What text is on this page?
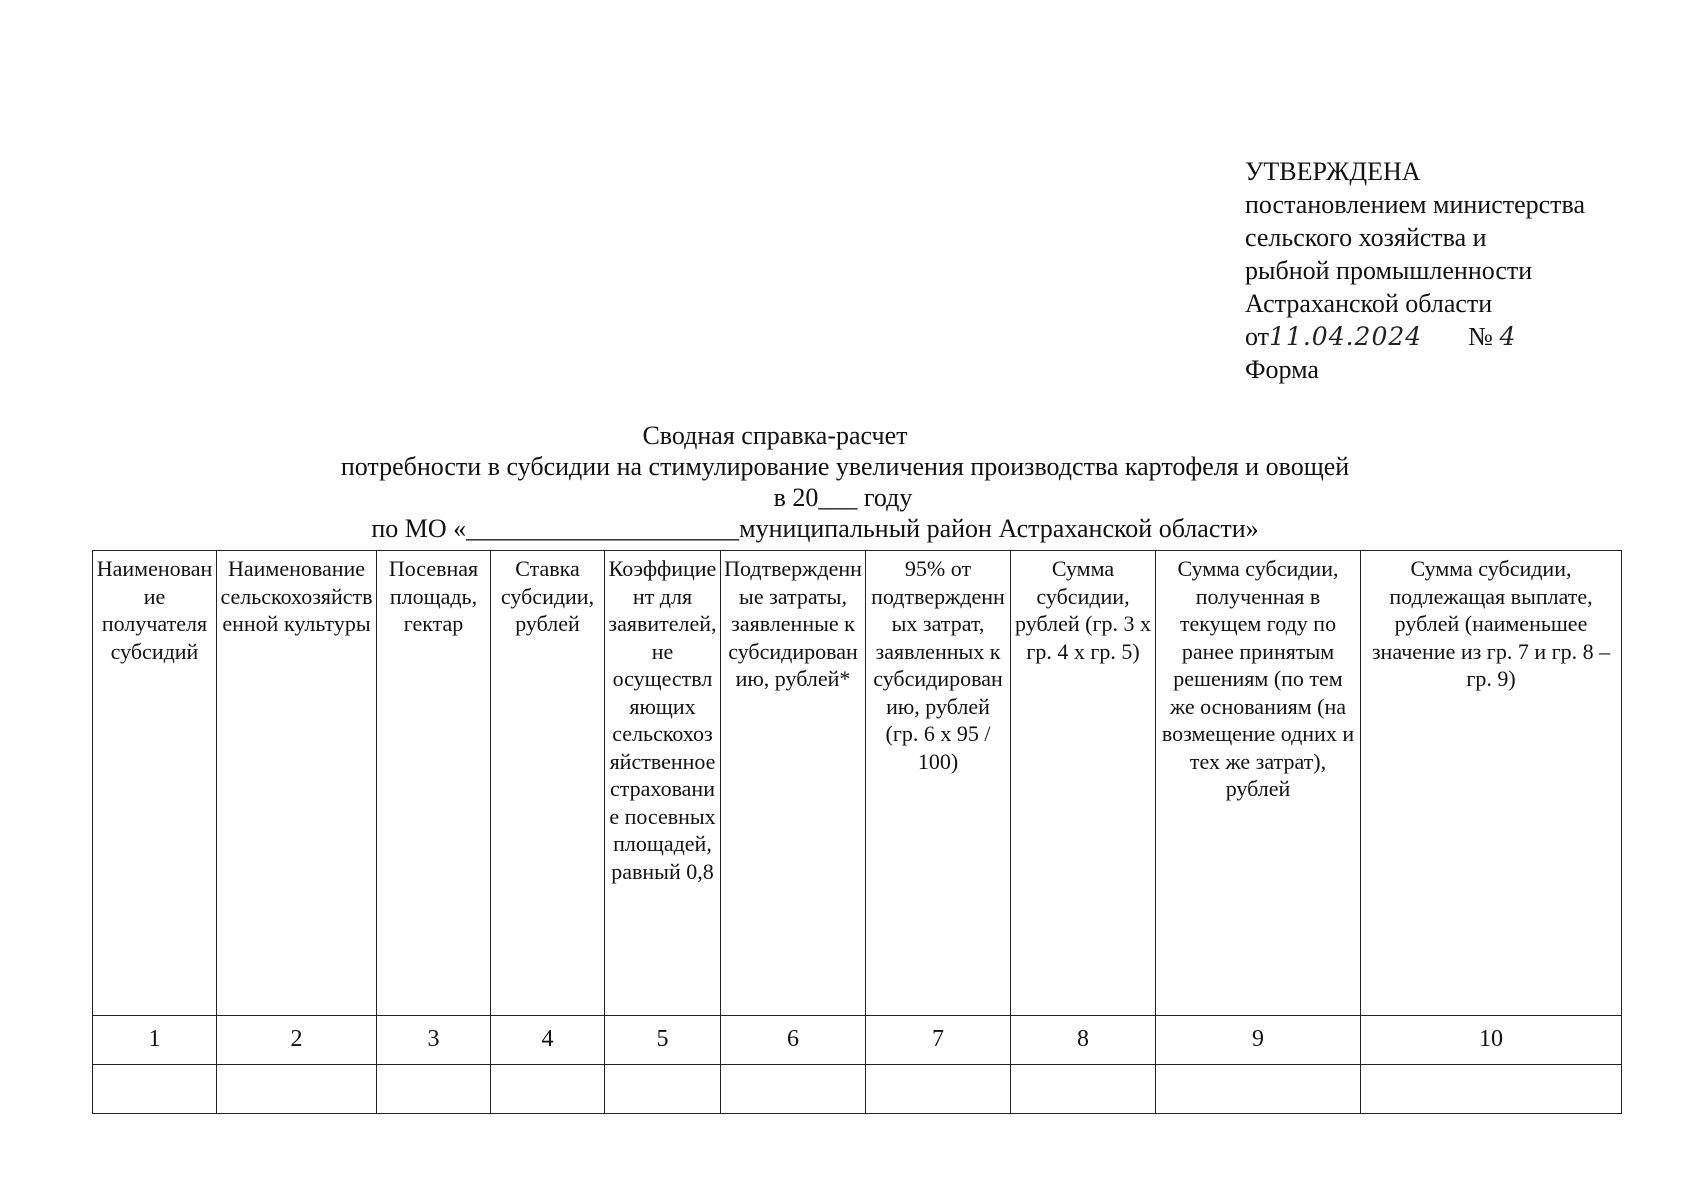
УТВЕРЖДЕНА
постановлением министерства
сельского хозяйства и
рыбной промышленности
Астраханской области
от11.04.2024 № 4
Форма
Сводная справка-расчет
потребности в субсидии на стимулирование увеличения производства картофеля и овощей
в 20___ году
по МО «_____________________муниципальный район Астраханской области»
Наименование получателя субсидий	Наименование сельскохозяйственной культуры	Посевная площадь, гектар	Ставка субсидии, рублей	Коэффициент для заявителей, не осуществляющих сельскохозяйственное страхование посевных площадей, равный 0,8	Подтвержденные затраты, заявленные к субсидированию, рублей*	95% от подтвержденных затрат, заявленных к субсидированию, рублей (гр. 6 х 95 / 100)	Сумма субсидии, рублей (гр. 3 х гр. 4 х гр. 5)	Сумма субсидии, полученная в текущем году по ранее принятым решениям (по тем же основаниям (на возмещение одних и тех же затрат), рублей	Сумма субсидии, подлежащая выплате, рублей (наименьшее значение из гр. 7 и гр. 8 – гр. 9)
1	2	3	4	5	6	7	8	9	10
